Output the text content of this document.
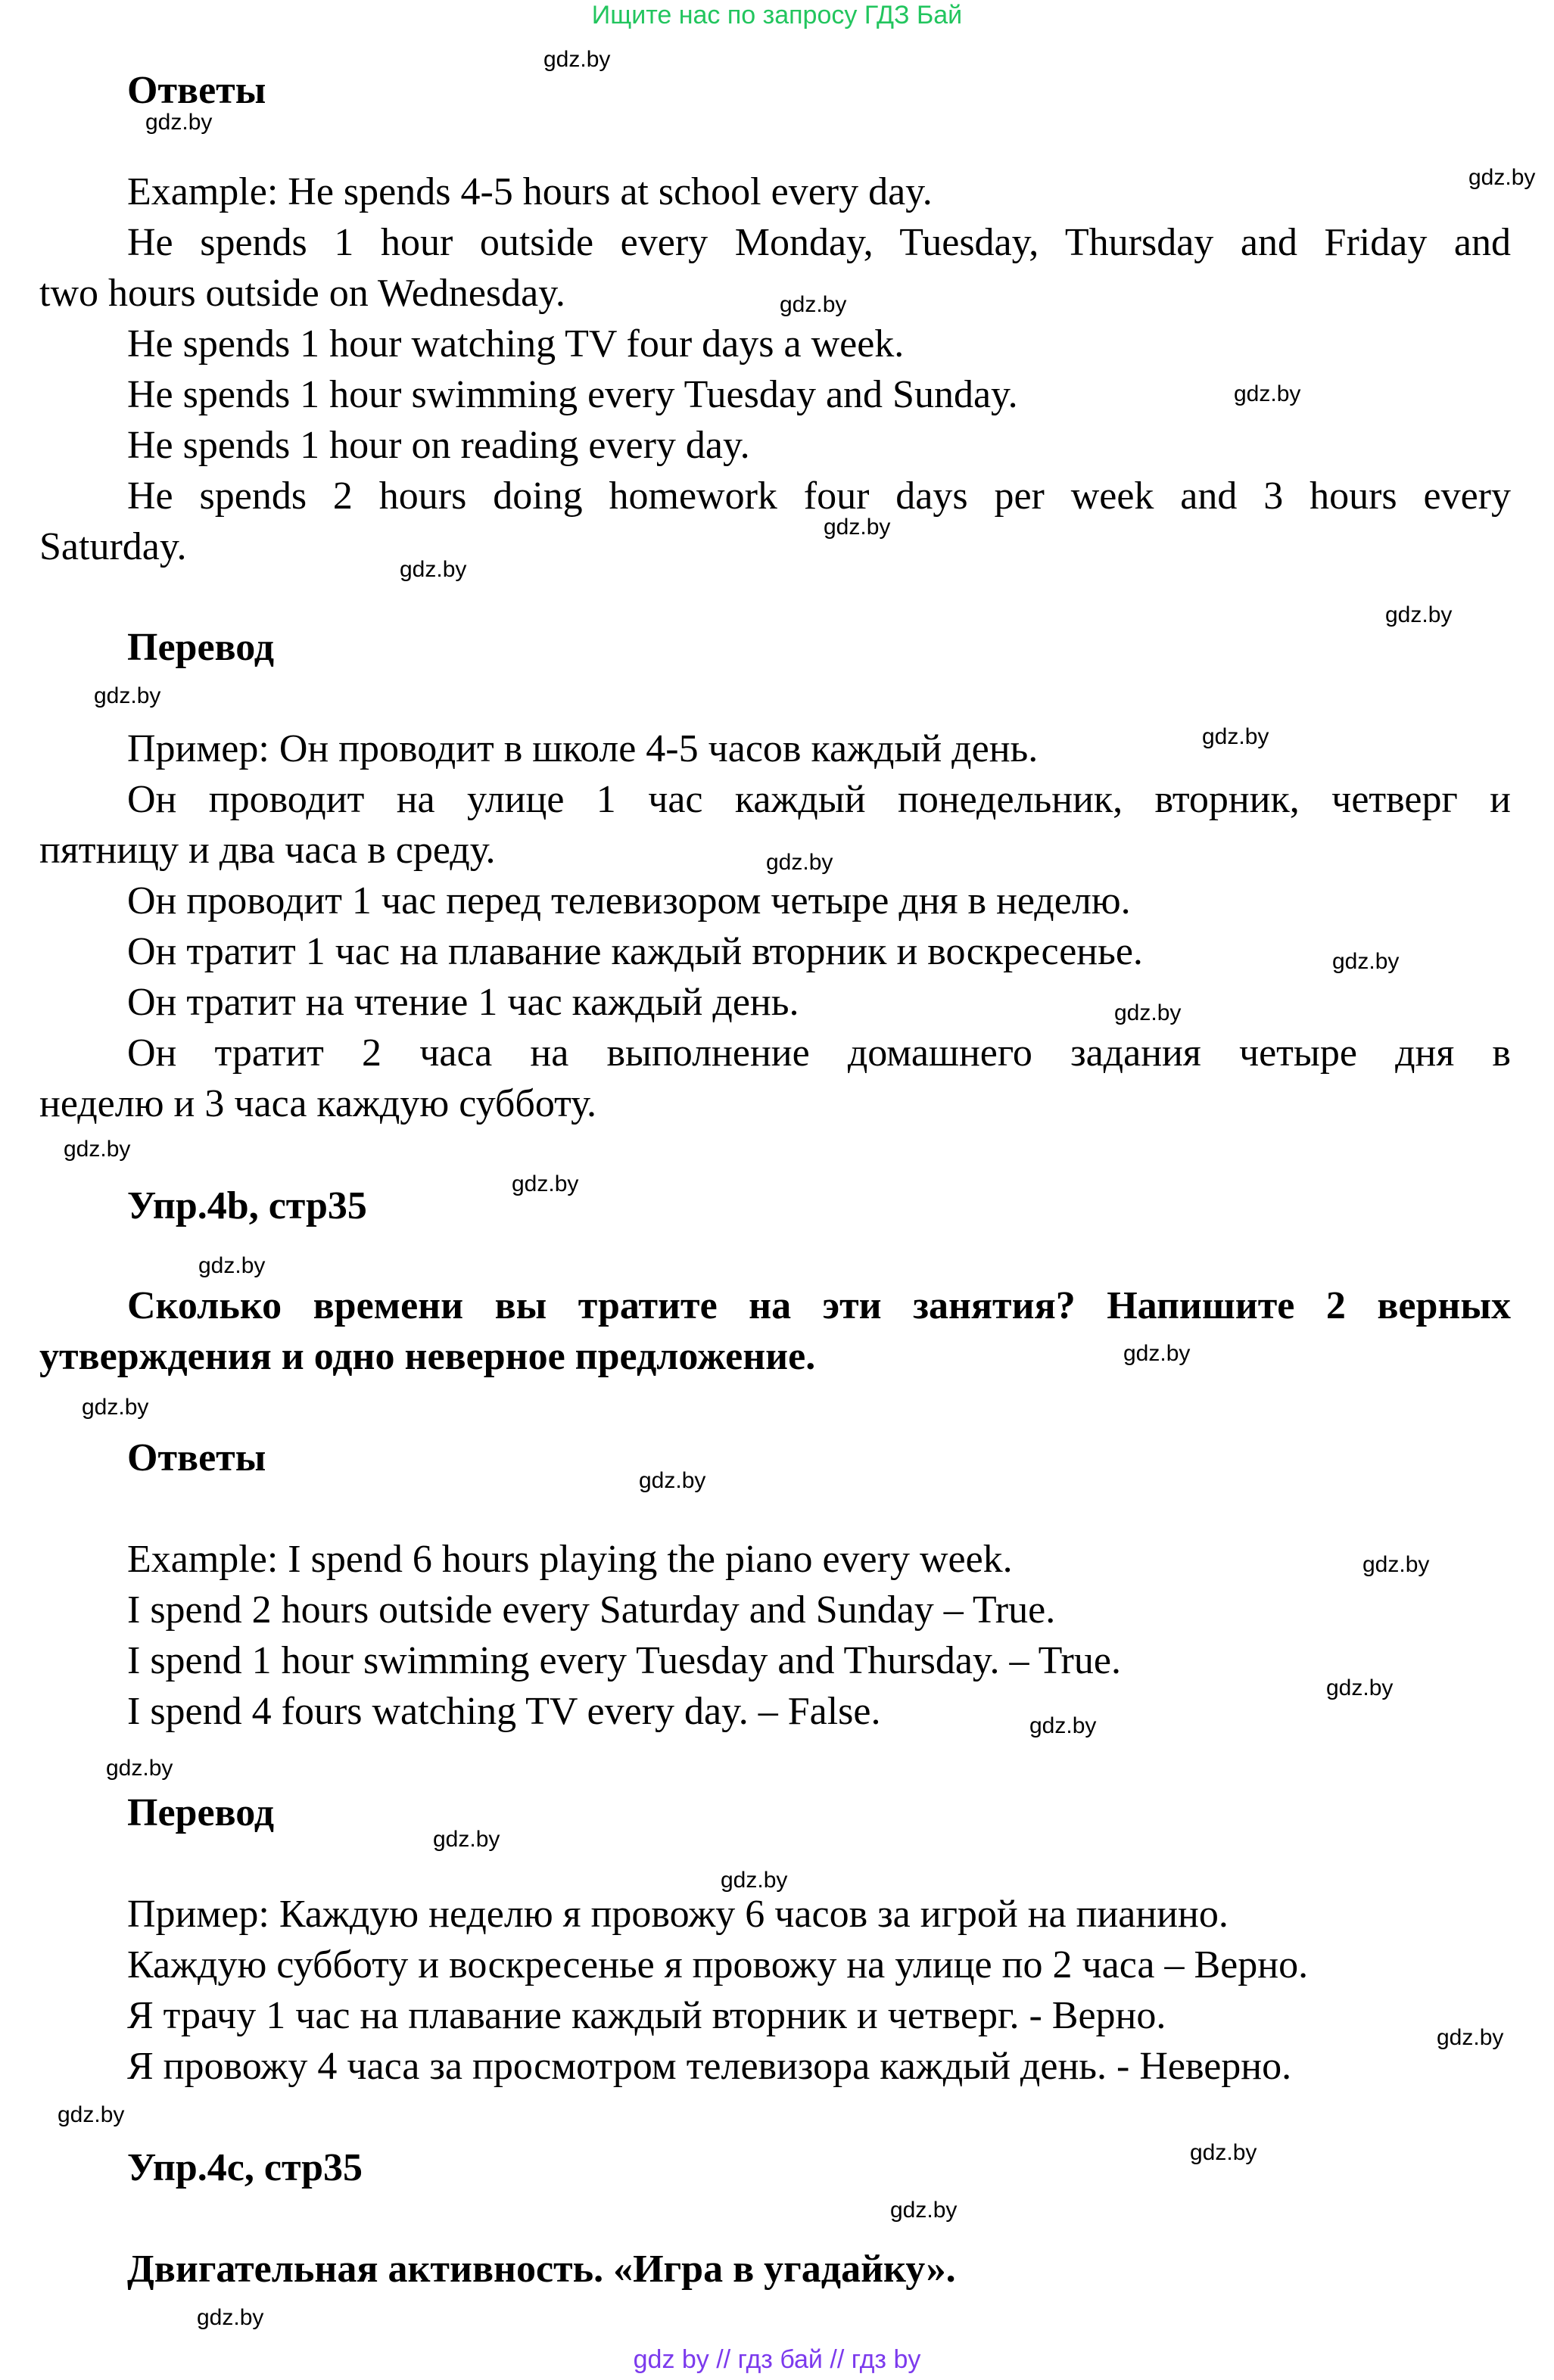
Ищите нас по запросу ГДЗ Бай
Ответы
Example: He spends 4-5 hours at school every day.
He spends 1 hour outside every Monday, Tuesday, Thursday and Friday and
two hours outside on Wednesday.
He spends 1 hour watching TV four days a week.
He spends 1 hour swimming every Tuesday and Sunday.
He spends 1 hour on reading every day.
He spends 2 hours doing homework four days per week and 3 hours every
Saturday.
Перевод
Пример: Он проводит в школе 4-5 часов каждый день.
Он проводит на улице 1 час каждый понедельник, вторник, четверг и
пятницу и два часа в среду.
Он проводит 1 час перед телевизором четыре дня в неделю.
Он тратит 1 час на плавание каждый вторник и воскресенье.
Он тратит на чтение 1 час каждый день.
Он тратит 2 часа на выполнение домашнего задания четыре дня в
неделю и 3 часа каждую субботу.
Упр.4b, стр35
Сколько времени вы тратите на эти занятия? Напишите 2 верных
утверждения и одно неверное предложение.
Ответы
Example: I spend 6 hours playing the piano every week.
I spend 2 hours outside every Saturday and Sunday – True.
I spend 1 hour swimming every Tuesday and Thursday. – True.
I spend 4 fours watching TV every day. – False.
Перевод
Пример: Каждую неделю я провожу 6 часов за игрой на пианино.
Каждую субботу и воскресенье я провожу на улице по 2 часа – Верно.
Я трачу 1 час на плавание каждый вторник и четверг. - Верно.
Я провожу 4 часа за просмотром телевизора каждый день. - Неверно.
Упр.4c, стр35
Двигательная активность. «Игра в угадайку».
gdz.by
gdz.by
gdz.by
gdz.by
gdz.by
gdz.by
gdz.by
gdz.by
gdz.by
gdz.by
gdz.by
gdz.by
gdz.by
gdz.by
gdz.by
gdz.by
gdz.by
gdz.by
gdz.by
gdz.by
gdz.by
gdz.by
gdz.by
gdz.by
gdz.by
gdz.by
gdz.by
gdz.by
gdz.by
gdz.by
gdz by // гдз бай // гдз by
